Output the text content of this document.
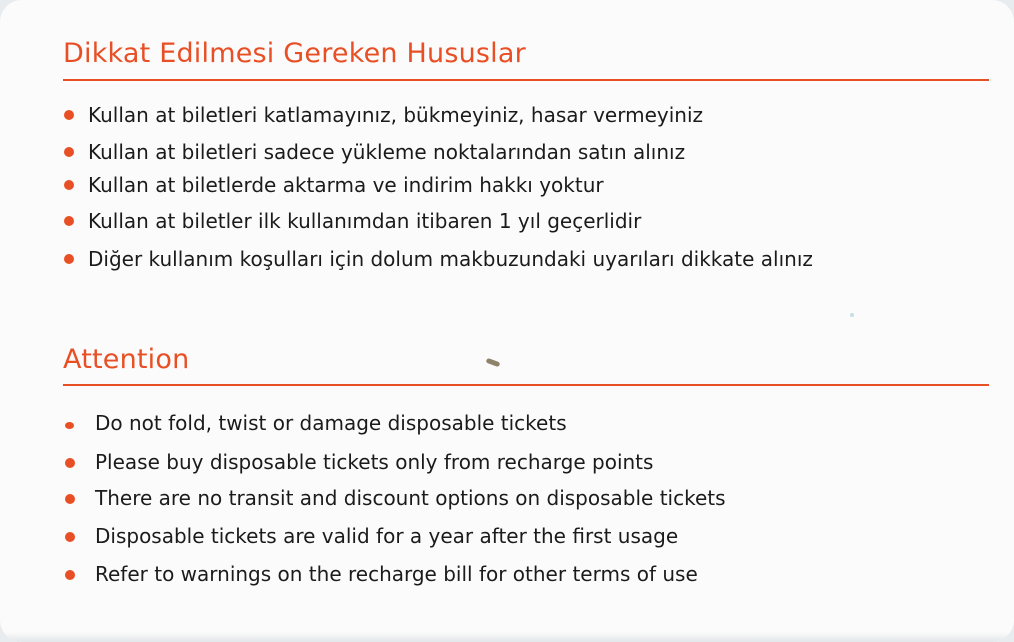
Dikkat Edilmesi Gereken Hususlar
Kullan at biletleri katlamayınız, bükmeyiniz, hasar vermeyiniz
Kullan at biletleri sadece yükleme noktalarından satın alınız
Kullan at biletlerde aktarma ve indirim hakkı yoktur
Kullan at biletler ilk kullanımdan itibaren 1 yıl geçerlidir
Diğer kullanım koşulları için dolum makbuzundaki uyarıları dikkate alınız
Attention
Do not fold, twist or damage disposable tickets
Please buy disposable tickets only from recharge points
There are no transit and discount options on disposable tickets
Disposable tickets are valid for a year after the first usage
Refer to warnings on the recharge bill for other terms of use
